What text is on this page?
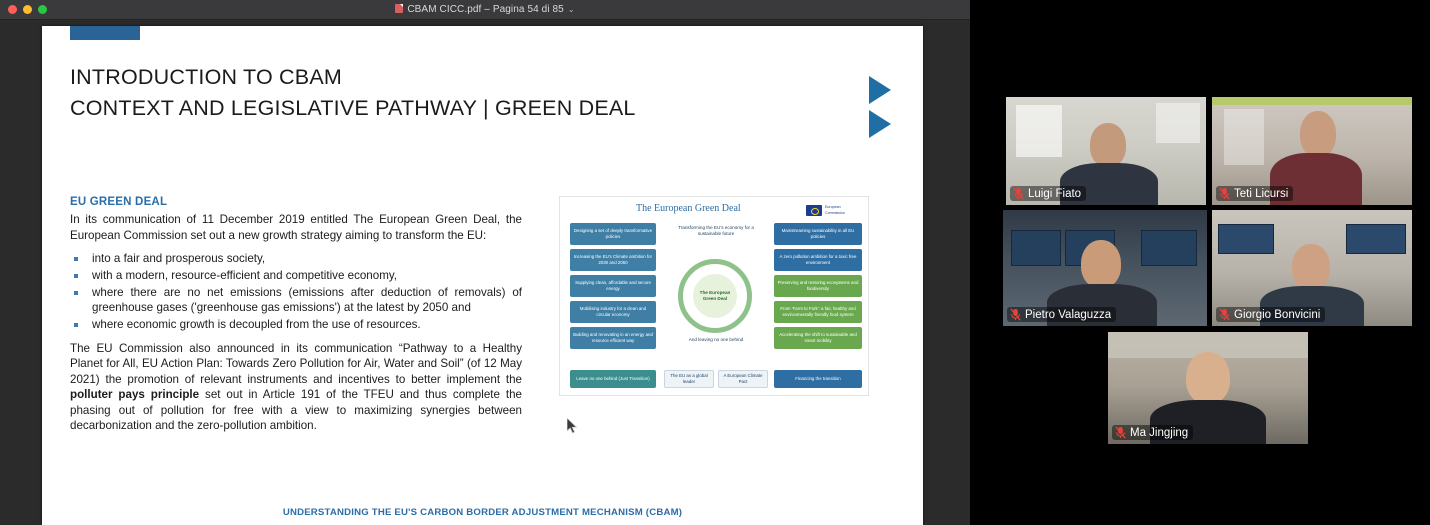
CBAM CICC.pdf – Pagina 54 di 85 ⌄
INTRODUCTION TO CBAM
CONTEXT AND LEGISLATIVE PATHWAY | GREEN DEAL
EU GREEN DEAL

In its communication of 11 December 2019 entitled The European Green Deal, the European Commission set out a new growth strategy aiming to transform the EU:

into a fair and prosperous society,
with a modern, resource-efficient and competitive economy,
where there are no net emissions (emissions after deduction of removals) of greenhouse gases ('greenhouse gas emissions') at the latest by 2050 and
where economic growth is decoupled from the use of resources.

The EU Commission also announced in its communication “Pathway to a Healthy Planet for All, EU Action Plan: Towards Zero Pollution for Air, Water and Soil” (of 12 May 2021) the promotion of relevant instruments and incentives to better implement the polluter pays principle set out in Article 191 of the TFEU and thus complete the phasing out of pollution for free with a view to maximizing synergies between decarbonization and the zero-pollution ambition.

The European Green Deal	European
Commission
Transforming the EU's economy for a sustainable future
The European Green Deal
And leaving no one behind
Designing a set of deeply transformative policies
Increasing the EU's Climate ambition for 2030 and 2050
Supplying clean, affordable and secure energy
Mobilising industry for a clean and circular economy
Building and renovating in an energy and resource efficient way
Mainstreaming sustainability in all EU policies
A zero pollution ambition for a toxic free environment
Preserving and restoring ecosystems and biodiversity
From 'Farm to Fork': a fair, healthy and environmentally friendly food system
Accelerating the shift to sustainable and smart mobility
Leave no one behind (Just Transition)
The EU as a global leader
A European Climate Pact
Financing the transition
UNDERSTANDING THE EU'S CARBON BORDER ADJUSTMENT MECHANISM (CBAM)
Luigi Fiato	Teti Licursi
Pietro Valaguzza	Giorgio Bonvicini
Ma Jingjing
